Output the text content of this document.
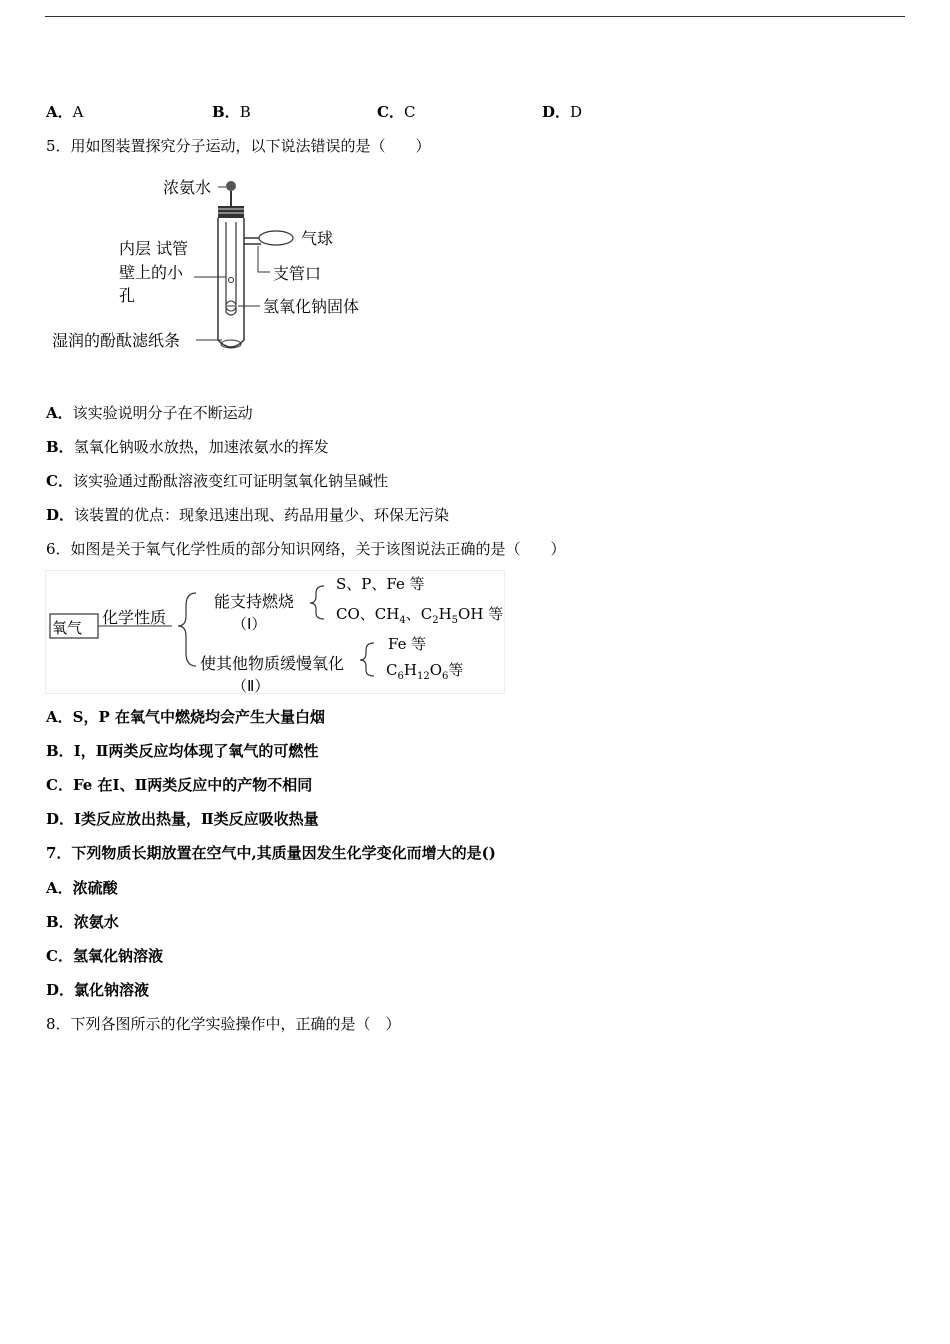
A．A	B．B	C．C	D．D
5．用如图装置探究分子运动，以下说法错误的是（　　）
浓氨水
气球
内层 试管
壁上的小
孔
支管口
氢氧化钠固体
湿润的酚酞滤纸条
A．该实验说明分子在不断运动
B．氢氧化钠吸水放热，加速浓氨水的挥发
C．该实验通过酚酞溶液变红可证明氢氧化钠呈碱性
D．该装置的优点：现象迅速出现、药品用量少、环保无污染
6．如图是关于氧气化学性质的部分知识网络，关于该图说法正确的是（　　）
氧气
化学性质
能支持燃烧
（Ⅰ）
S、P、Fe 等
CO、$CH_4$、$C_2H_5OH$ 等
使其他物质缓慢氧化
（Ⅱ）
Fe 等
$C_6H_{12}O_6$等
A．S，P 在氧气中燃烧均会产生大量白烟
B．Ⅰ，Ⅱ两类反应均体现了氧气的可燃性
C．Fe 在Ⅰ、Ⅱ两类反应中的产物不相同
D．Ⅰ类反应放出热量，Ⅱ类反应吸收热量
7．下列物质长期放置在空气中,其质量因发生化学变化而增大的是()
A．浓硫酸
B．浓氨水
C．氢氧化钠溶液
D．氯化钠溶液
8．下列各图所示的化学实验操作中，正确的是（　）
